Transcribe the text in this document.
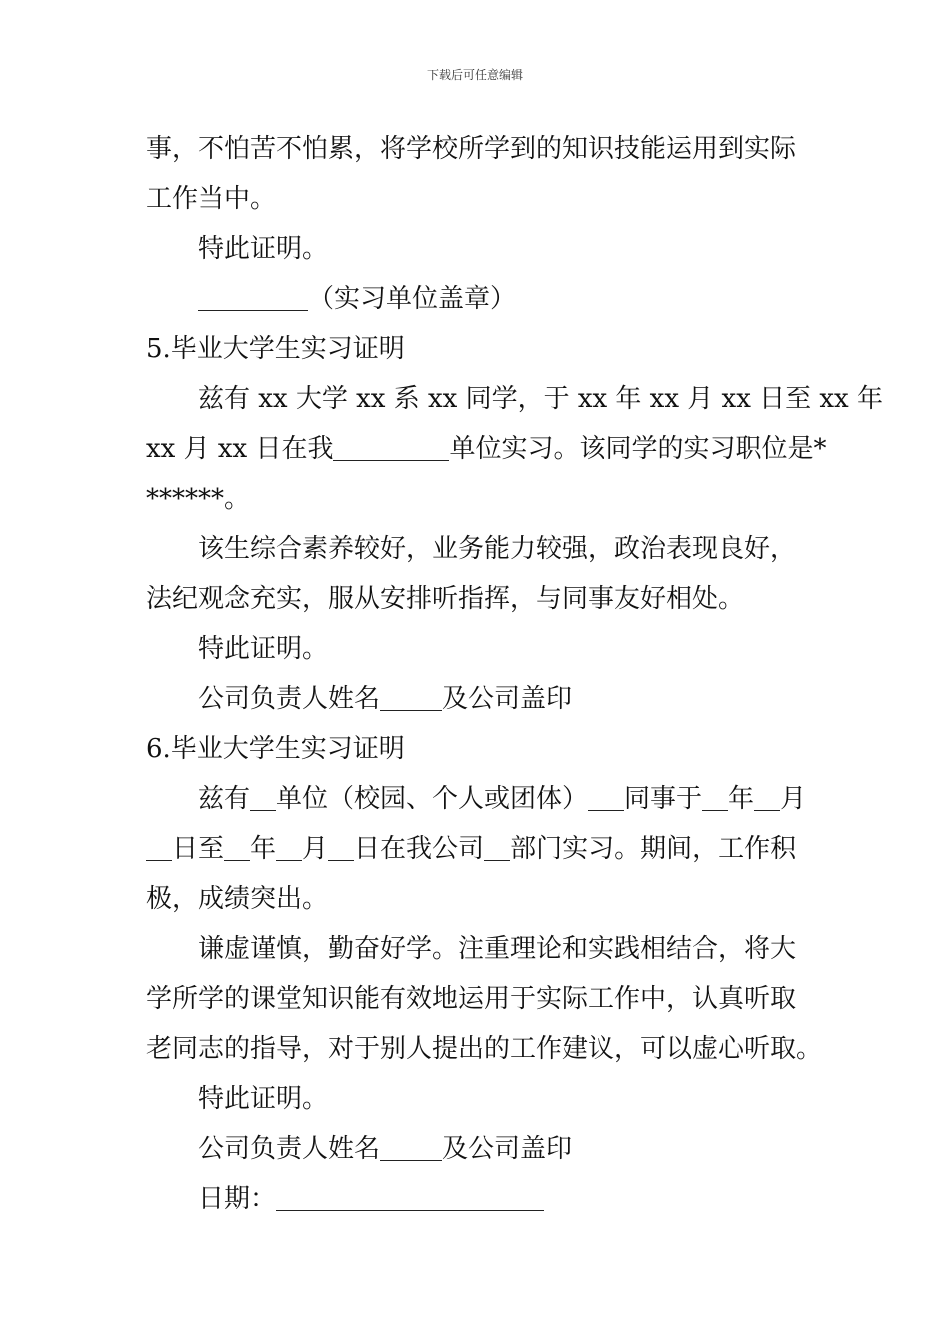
下载后可任意编辑
事，不怕苦不怕累，将学校所学到的知识技能运用到实际
工作当中。
特此证明。
（实习单位盖章）
5.毕业大学生实习证明
兹有 xx 大学 xx 系 xx 同学，于 xx 年 xx 月 xx 日至 xx 年
xx 月 xx 日在我	单位实习。该同学的实习职位是*
******。
该生综合素养较好，业务能力较强，政治表现良好，
法纪观念充实，服从安排听指挥，与同事友好相处。
特此证明。
公司负责人姓名 及公司盖印
6.毕业大学生实习证明
兹有 单位（校园、个人或团体） 同事于 年 月
日至 年 月 日在我公司 部门实习。期间，工作积
极，成绩突出。
谦虚谨慎，勤奋好学。注重理论和实践相结合，将大
学所学的课堂知识能有效地运用于实际工作中，认真听取
老同志的指导，对于别人提出的工作建议，可以虚心听取。
特此证明。
公司负责人姓名 及公司盖印
日期：
